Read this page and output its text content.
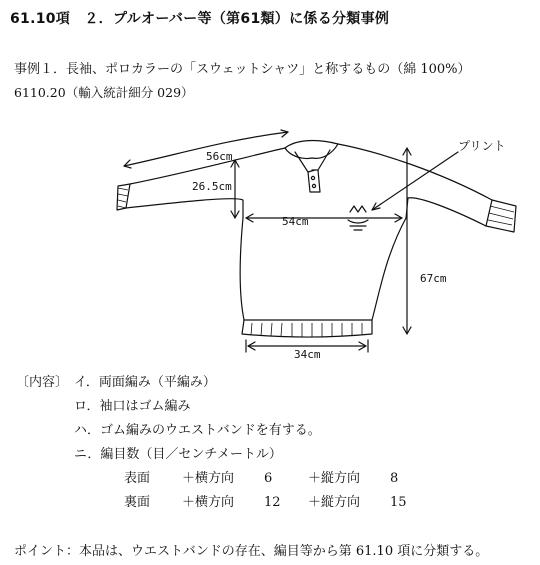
61.10項　２．プルオーバー等（第61類）に係る分類事例
事例１．長袖、ポロカラーの「スウェットシャツ」と称するもの（綿 100%）
6110.20（輸入統計細分 029）
56cm
26.5cm
54cm
67cm
34cm
プリント
〔内容〕 イ．両面編み（平編み）
ロ．袖口はゴム編み
ハ．ゴム編みのウエストバンドを有する。
ニ．編目数（目／センチメートル）
表面 ＋横方向 6	＋縦方向 8
裏面 ＋横方向 12 ＋縦方向 15
ポイント：本品は、ウエストバンドの存在、編目等から第 61.10 項に分類する。
